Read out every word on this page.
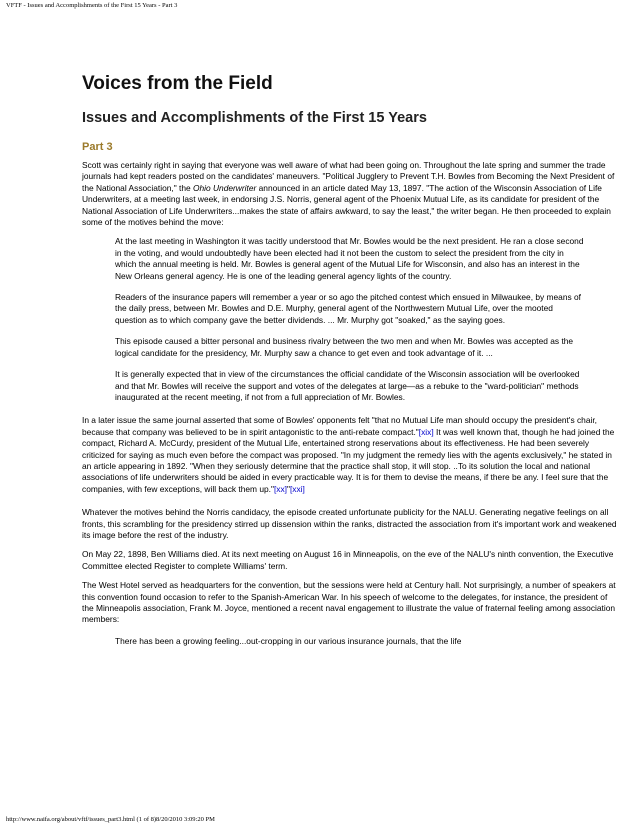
VFTF - Issues and Accomplishments of the First 15 Years - Part 3
Voices from the Field
Issues and Accomplishments of the First 15 Years
Part 3

Scott was certainly right in saying that everyone was well aware of what had been going on. Throughout the late spring and summer the trade journals had kept readers posted on the candidates' maneuvers. "Political Jugglery to Prevent T.H. Bowles from Becoming the Next President of the National Association," the Ohio Underwriter announced in an article dated May 13, 1897. "The action of the Wisconsin Association of Life Underwriters, at a meeting last week, in endorsing J.S. Norris, general agent of the Phoenix Mutual Life, as its candidate for president of the National Association of Life Underwriters...makes the state of affairs awkward, to say the least," the writer began. He then proceeded to explain some of the motives behind the move:

At the last meeting in Washington it was tacitly understood that Mr. Bowles would be the next president. He ran a close second in the voting, and would undoubtedly have been elected had it not been the custom to select the president from the city in which the annual meeting is held. Mr. Bowles is general agent of the Mutual Life for Wisconsin, and also has an interest in the New Orleans general agency. He is one of the leading general agency lights of the country.

Readers of the insurance papers will remember a year or so ago the pitched contest which ensued in Milwaukee, by means of the daily press, between Mr. Bowles and D.E. Murphy, general agent of the Northwestern Mutual Life, over the mooted question as to which company gave the better dividends. ... Mr. Murphy got "soaked," as the saying goes.

This episode caused a bitter personal and business rivalry between the two men and when Mr. Bowles was accepted as the logical candidate for the presidency, Mr. Murphy saw a chance to get even and took advantage of it. ...

It is generally expected that in view of the circumstances the official candidate of the Wisconsin association will be overlooked and that Mr. Bowles will receive the support and votes of the delegates at large—as a rebuke to the "ward-politician" methods inaugurated at the recent meeting, if not from a full appreciation of Mr. Bowles.

In a later issue the same journal asserted that some of Bowles' opponents felt "that no Mutual Life man should occupy the president's chair, because that company was believed to be in spirit antagonistic to the anti-rebate compact."[xix] It was well known that, though he had joined the compact, Richard A. McCurdy, president of the Mutual Life, entertained strong reservations about its effectiveness. He had been severely criticized for saying as much even before the compact was proposed. "In my judgment the remedy lies with the agents exclusively," he stated in an article appearing in 1892. "When they seriously determine that the practice shall stop, it will stop. ..To its solution the local and national associations of life underwriters should be aided in every practicable way. It is for them to devise the means, if there be any. I feel sure that the companies, with few exceptions, will back them up."[xx]"[xxi]

Whatever the motives behind the Norris candidacy, the episode created unfortunate publicity for the NALU. Generating negative feelings on all fronts, this scrambling for the presidency stirred up dissension within the ranks, distracted the association from it's important work and weakened its image before the rest of the industry.

On May 22, 1898, Ben Williams died. At its next meeting on August 16 in Minneapolis, on the eve of the NALU's ninth convention, the Executive Committee elected Register to complete Williams' term.

The West Hotel served as headquarters for the convention, but the sessions were held at Century hall. Not surprisingly, a number of speakers at this convention found occasion to refer to the Spanish-American War. In his speech of welcome to the delegates, for instance, the president of the Minneapolis association, Frank M. Joyce, mentioned a recent naval engagement to illustrate the value of fraternal feeling among association members:

There has been a growing feeling...out-cropping in our various insurance journals, that the life

http://www.naifa.org/about/vftf/issues_part3.html (1 of 8)8/20/2010 3:09:20 PM
